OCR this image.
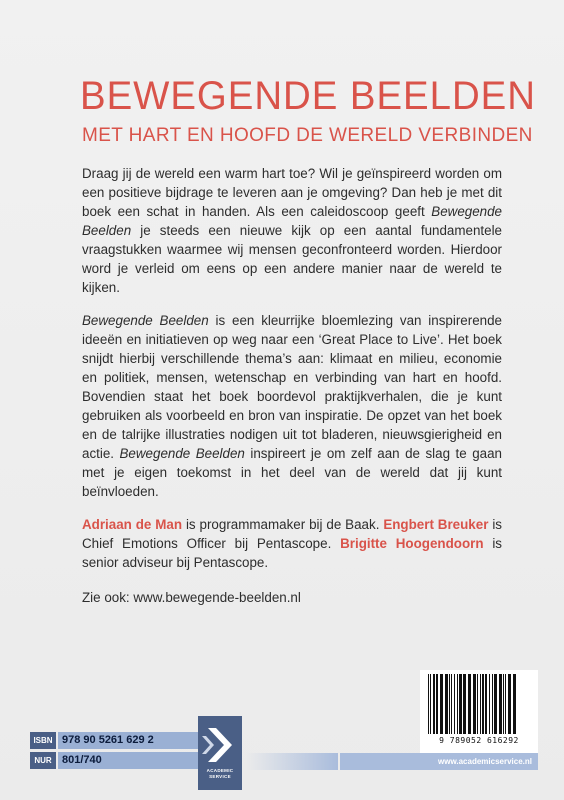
BEWEGENDE BEELDEN
MET HART EN HOOFD DE WERELD VERBINDEN

Draag jij de wereld een warm hart toe? Wil je geïnspireerd worden om een positieve bijdrage te leveren aan je omgeving? Dan heb je met dit boek een schat in handen. Als een caleidoscoop geeft Bewegende Beelden je steeds een nieuwe kijk op een aantal fundamentele vraagstukken waarmee wij mensen geconfronteerd worden. Hierdoor word je verleid om eens op een andere manier naar de wereld te kijken.

Bewegende Beelden is een kleurrijke bloemlezing van inspirerende ideeën en initiatieven op weg naar een ‘Great Place to Live’. Het boek snijdt hierbij verschillende thema’s aan: klimaat en milieu, economie en politiek, mensen, wetenschap en verbinding van hart en hoofd. Bovendien staat het boek boordevol praktijkverhalen, die je kunt gebruiken als voorbeeld en bron van inspiratie. De opzet van het boek en de talrijke illustraties nodigen uit tot bladeren, nieuwsgierigheid en actie. Bewegende Beelden inspireert je om zelf aan de slag te gaan met je eigen toekomst in het deel van de wereld dat jij kunt beïnvloeden.

Adriaan de Man is programmamaker bij de Baak. Engbert Breuker is Chief Emotions Officer bij Pentascope. Brigitte Hoogendoorn is senior adviseur bij Pentascope.

Zie ook: www.bewegende-beelden.nl

9 789052 616292
ISBN 978 90 5261 629 2
NUR 801/740
ACADEMIC
SERVICE
www.academicservice.nl
